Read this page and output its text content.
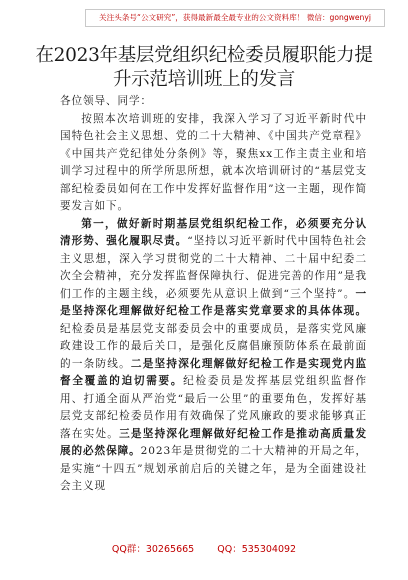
关注头条号“公文研究”，获得最新最全最专业的公文资料库！ 微信：gongwenyj
在2023年基层党组织纪检委员履职能力提
升示范培训班上的发言

各位领导、同学：

按照本次培训班的安排，我深入学习了习近平新时代中国特色社会主义思想、党的二十大精神、《中国共产党章程》《中国共产党纪律处分条例》等，聚焦xx工作主责主业和培训学习过程中的所学所思所想，就本次培训研讨的“基层党支部纪检委员如何在工作中发挥好监督作用”这一主题，现作简要发言如下。

第一，做好新时期基层党组织纪检工作，必须要充分认清形势、强化履职尽责。“坚持以习近平新时代中国特色社会主义思想，深入学习贯彻党的二十大精神、二十届中纪委二次全会精神，充分发挥监督保障执行、促进完善的作用”是我们工作的主题主线，必须要先从意识上做到“三个坚持”。一是坚持深化理解做好纪检工作是落实党章要求的具体体现。纪检委员是基层党支部委员会中的重要成员，是落实党风廉政建设工作的最后关口，是强化反腐倡廉预防体系在最前面的一条防线。二是坚持深化理解做好纪检工作是实现党内监督全覆盖的迫切需要。纪检委员是发挥基层党组织监督作用、打通全面从严治党“最后一公里”的重要角色，发挥好基层党支部纪检委员作用有效确保了党风廉政的要求能够真正落在实处。三是坚持深化理解做好纪检工作是推动高质量发展的必然保障。2023年是贯彻党的二十大精神的开局之年，是实施“十四五”规划承前启后的关键之年，是为全面建设社会主义现

QQ群：30265665 QQ：535304092
